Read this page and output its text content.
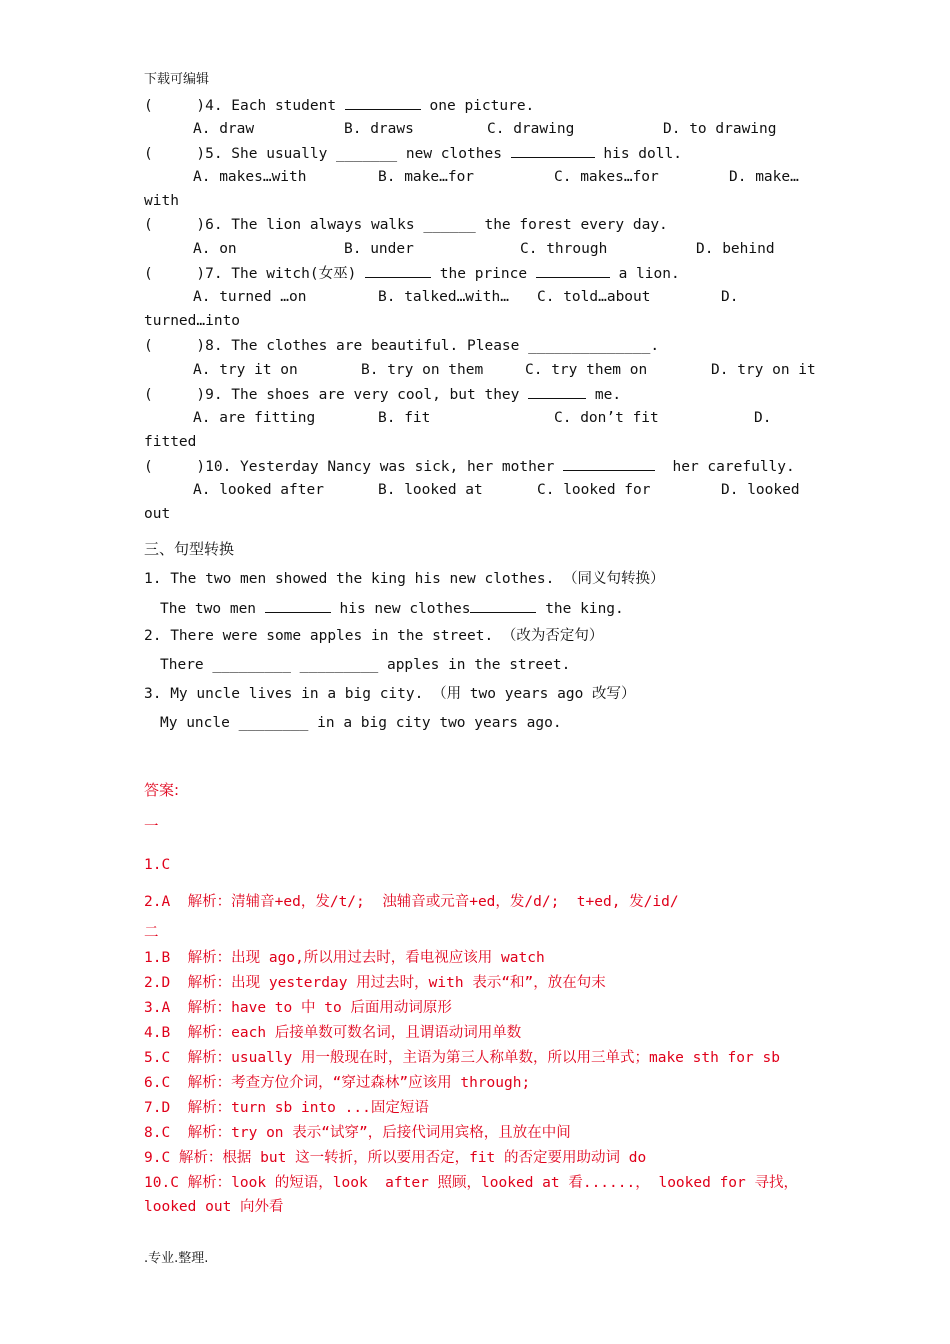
下载可编辑
(     )4. Each student	one picture.
A. draw	B. draws	C. drawing	D. to drawing
(     )5. She usually _______ new clothes	his doll.
A. makes…with	B. make…for	C. makes…for	D. make…
with
(     )6. The lion always walks ______ the forest every day.
A. on	B. under	C. through	D. behind
(     )7. The witch(女巫)	the prince	a lion.
A. turned …on	B. talked…with… C. told…about	D.
turned…into
(     )8. The clothes are beautiful. Please ______________.
A. try it on	B. try on them	C. try them on	D. try on it
(     )9. The shoes are very cool, but they	me.
A. are fitting	B. fit	C. don’t fit	D.
fitted
(     )10. Yesterday Nancy was sick, her mother	her carefully.
A. looked after	B. looked at	C. looked for	D. looked
out
三、句型转换
1. The two men showed the king his new clothes. （同义句转换）
The two men	his new clothes	the king.
2. There were some apples in the street. （改为否定句）
There _________ _________ apples in the street.
3. My uncle lives in a big city. （用 two years ago 改写）
My uncle ________ in a big city two years ago.
答案:
一
1.C
2.A  解析：清辅音+ed，发/t/;  浊辅音或元音+ed，发/d/;  t+ed, 发/id/
二
1.B  解析：出现 ago,所以用过去时，看电视应该用 watch
2.D  解析：出现 yesterday 用过去时，with 表示“和”，放在句末
3.A  解析：have to 中 to 后面用动词原形
4.B  解析：each 后接单数可数名词，且谓语动词用单数
5.C  解析：usually 用一般现在时，主语为第三人称单数，所以用三单式；make sth for sb
6.C  解析：考查方位介词，“穿过森林”应该用 through;
7.D  解析：turn sb into ...固定短语
8.C  解析：try on 表示“试穿”，后接代词用宾格，且放在中间
9.C 解析：根据 but 这一转折，所以要用否定，fit 的否定要用助动词 do
10.C 解析：look 的短语，look  after 照顾，looked at 看......， looked for 寻找，
looked out 向外看
.专业.整理.
